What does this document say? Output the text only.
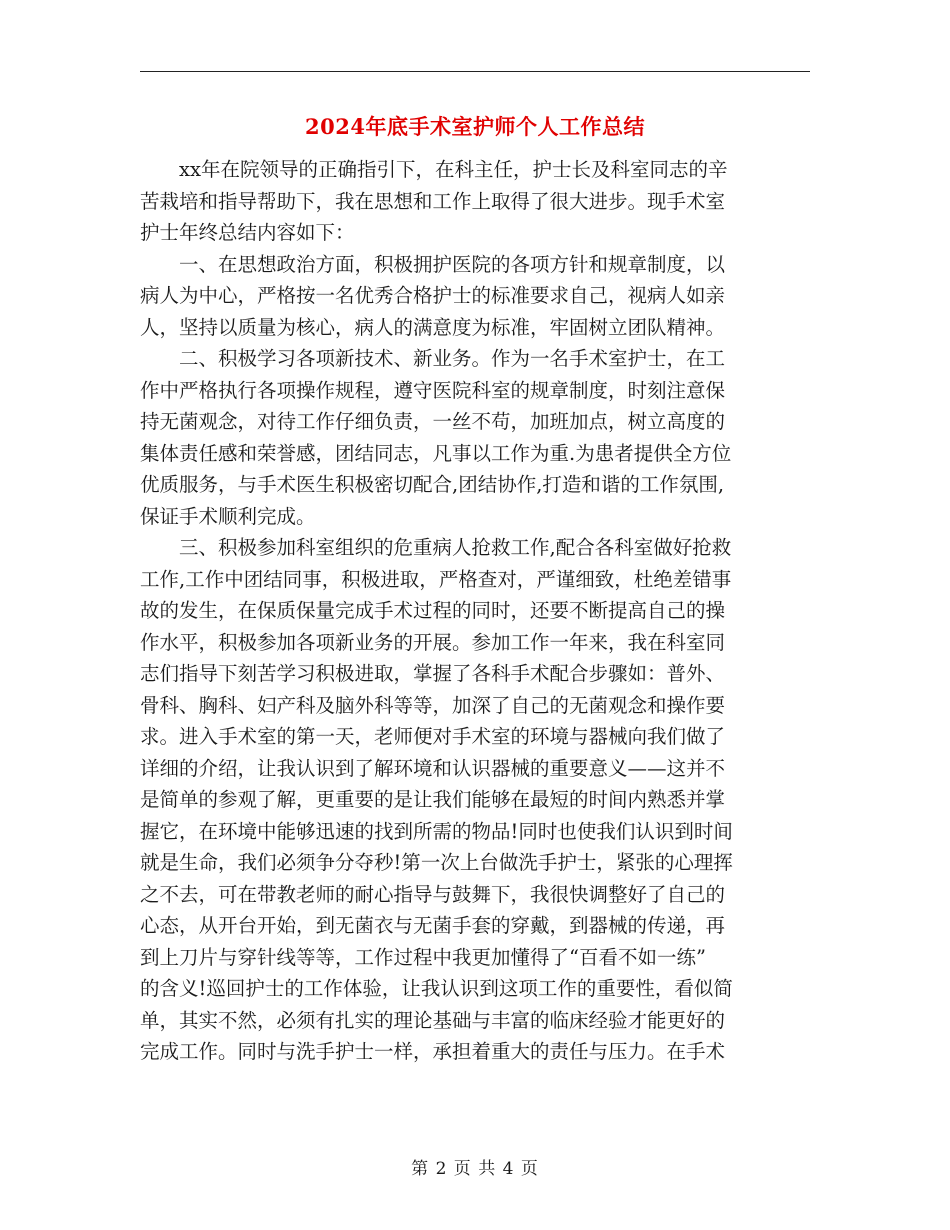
2024年底手术室护师个人工作总结
　　xx年在院领导的正确指引下，在科主任，护士长及科室同志的辛
苦栽培和指导帮助下，我在思想和工作上取得了很大进步。现手术室
护士年终总结内容如下：
　　一、在思想政治方面，积极拥护医院的各项方针和规章制度，以
病人为中心，严格按一名优秀合格护士的标准要求自己，视病人如亲
人，坚持以质量为核心，病人的满意度为标准，牢固树立团队精神。
　　二、积极学习各项新技术、新业务。作为一名手术室护士，在工
作中严格执行各项操作规程，遵守医院科室的规章制度，时刻注意保
持无菌观念，对待工作仔细负责，一丝不苟，加班加点，树立高度的
集体责任感和荣誉感，团结同志，凡事以工作为重.为患者提供全方位
优质服务，与手术医生积极密切配合,团结协作,打造和谐的工作氛围,
保证手术顺利完成。
　　三、积极参加科室组织的危重病人抢救工作,配合各科室做好抢救
工作,工作中团结同事，积极进取，严格查对，严谨细致，杜绝差错事
故的发生，在保质保量完成手术过程的同时，还要不断提高自己的操
作水平，积极参加各项新业务的开展。参加工作一年来，我在科室同
志们指导下刻苦学习积极进取，掌握了各科手术配合步骤如：普外、
骨科、胸科、妇产科及脑外科等等，加深了自己的无菌观念和操作要
求。进入手术室的第一天，老师便对手术室的环境与器械向我们做了
详细的介绍，让我认识到了解环境和认识器械的重要意义——这并不
是简单的参观了解，更重要的是让我们能够在最短的时间内熟悉并掌
握它，在环境中能够迅速的找到所需的物品!同时也使我们认识到时间
就是生命，我们必须争分夺秒!第一次上台做洗手护士，紧张的心理挥
之不去，可在带教老师的耐心指导与鼓舞下，我很快调整好了自己的
心态，从开台开始，到无菌衣与无菌手套的穿戴，到器械的传递，再
到上刀片与穿针线等等，工作过程中我更加懂得了“百看不如一练”
的含义!巡回护士的工作体验，让我认识到这项工作的重要性，看似简
单，其实不然，必须有扎实的理论基础与丰富的临床经验才能更好的
完成工作。同时与洗手护士一样，承担着重大的责任与压力。在手术
第 2 页 共 4 页
